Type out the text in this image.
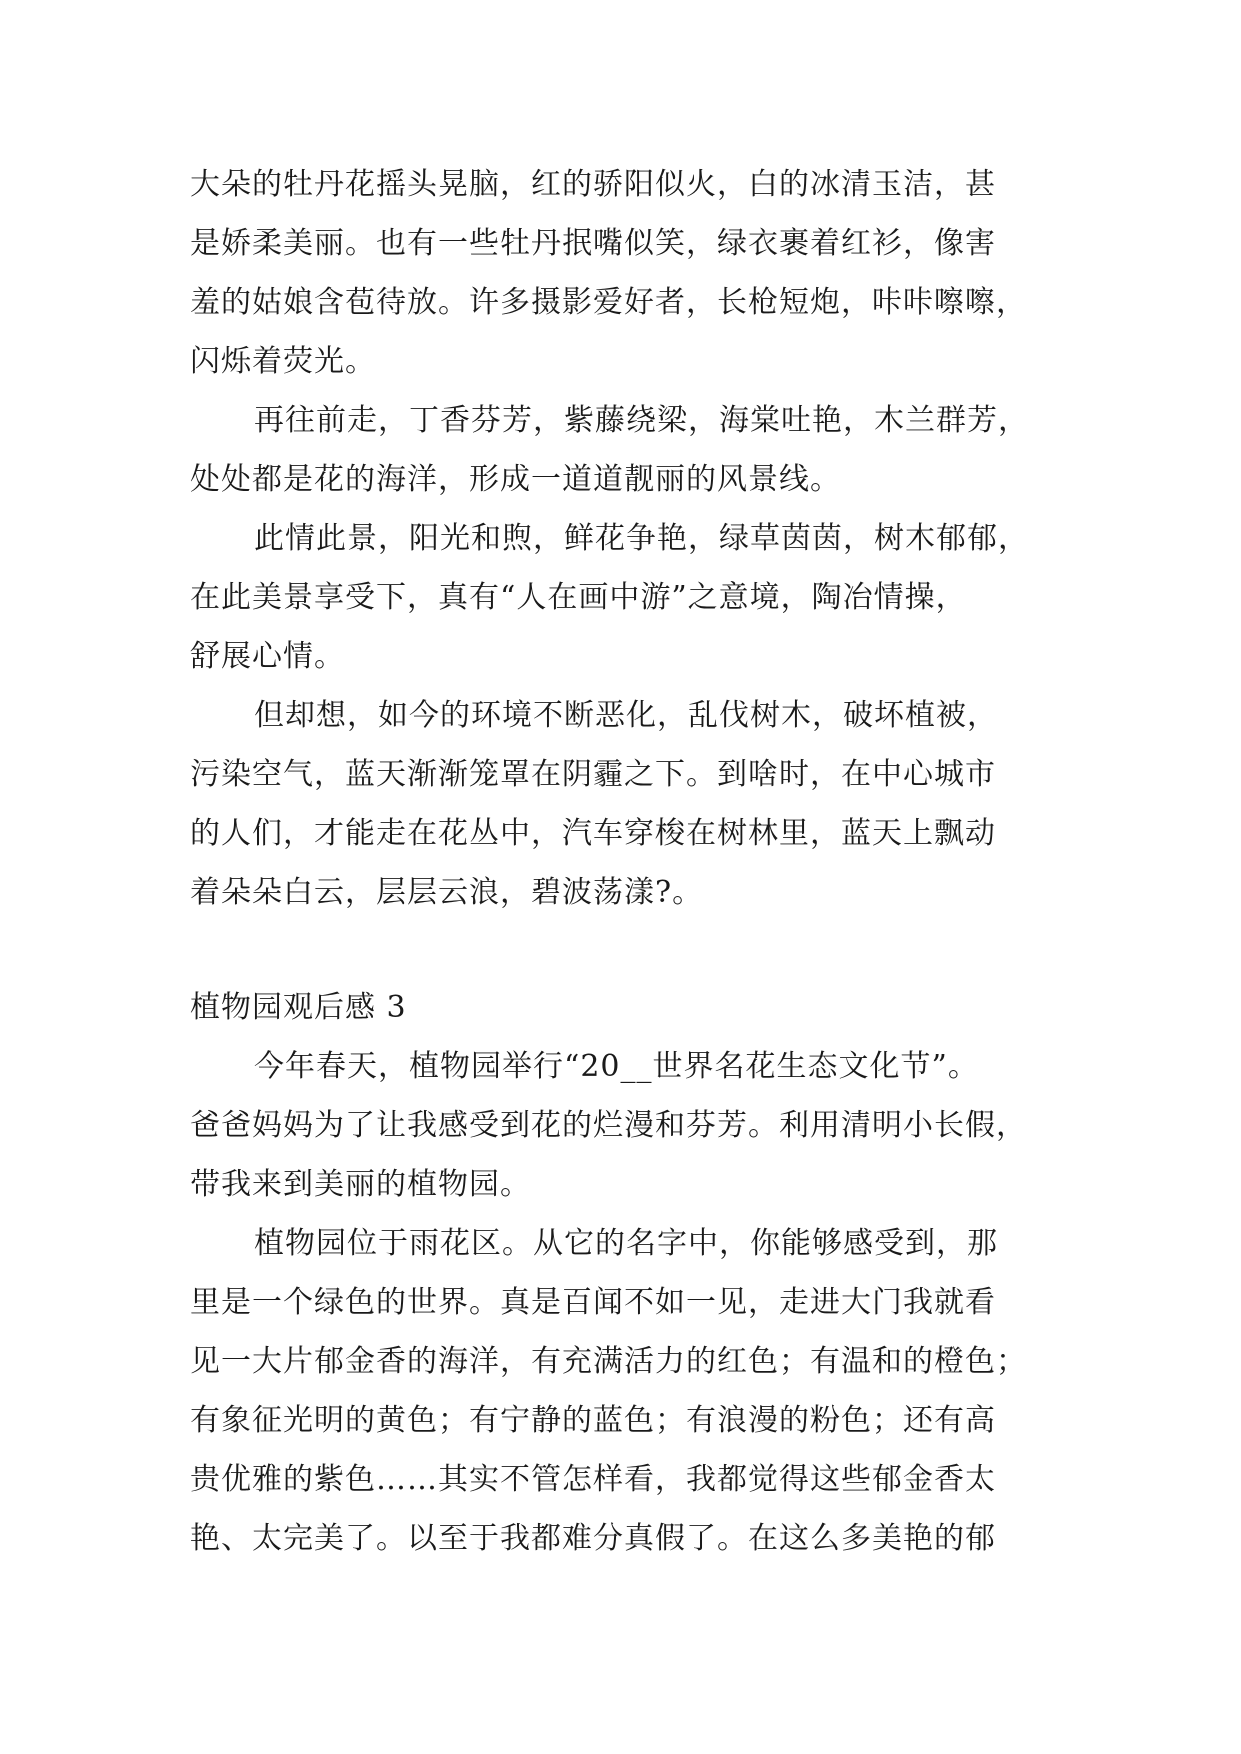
大朵的牡丹花摇头晃脑，红的骄阳似火，白的冰清玉洁，甚
是娇柔美丽。也有一些牡丹抿嘴似笑，绿衣裹着红衫，像害
羞的姑娘含苞待放。许多摄影爱好者，长枪短炮，咔咔嚓嚓，
闪烁着荧光。

再往前走，丁香芬芳，紫藤绕梁，海棠吐艳，木兰群芳，
处处都是花的海洋，形成一道道靓丽的风景线。

此情此景，阳光和煦，鲜花争艳，绿草茵茵，树木郁郁，
在此美景享受下，真有“人在画中游”之意境，陶冶情操，
舒展心情。

但却想，如今的环境不断恶化，乱伐树木，破坏植被，
污染空气，蓝天渐渐笼罩在阴霾之下。到啥时，在中心城市
的人们，才能走在花丛中，汽车穿梭在树林里，蓝天上飘动
着朵朵白云，层层云浪，碧波荡漾?。

植物园观后感 3

今年春天，植物园举行“20__世界名花生态文化节”。
爸爸妈妈为了让我感受到花的烂漫和芬芳。利用清明小长假，
带我来到美丽的植物园。

植物园位于雨花区。从它的名字中，你能够感受到，那
里是一个绿色的世界。真是百闻不如一见，走进大门我就看
见一大片郁金香的海洋，有充满活力的红色；有温和的橙色；
有象征光明的黄色；有宁静的蓝色；有浪漫的粉色；还有高
贵优雅的紫色……其实不管怎样看，我都觉得这些郁金香太
艳、太完美了。以至于我都难分真假了。在这么多美艳的郁
